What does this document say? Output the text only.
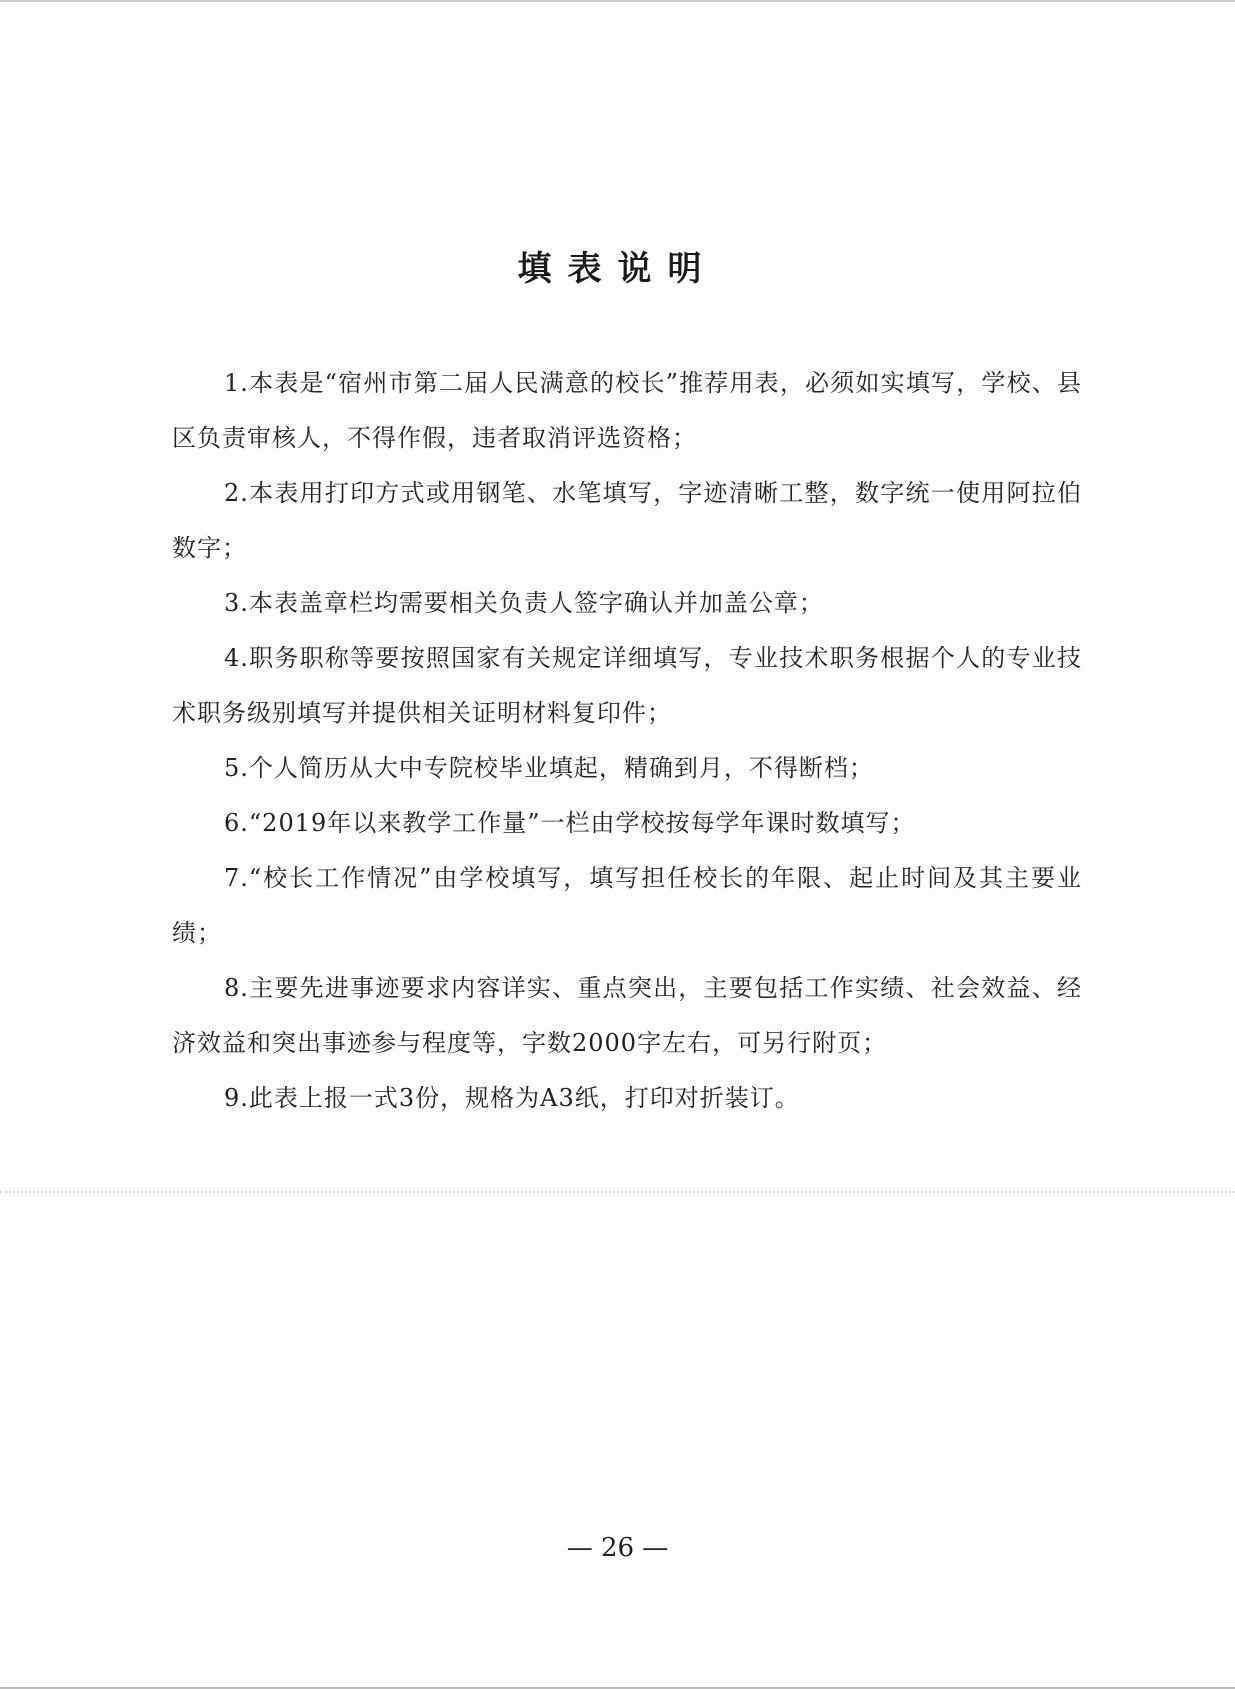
填表说明

1.本表是“宿州市第二届人民满意的校长”推荐用表，必须如实填写，学校、县区负责审核人，不得作假，违者取消评选资格；

2.本表用打印方式或用钢笔、水笔填写，字迹清晰工整，数字统一使用阿拉伯数字；

3.本表盖章栏均需要相关负责人签字确认并加盖公章；

4.职务职称等要按照国家有关规定详细填写，专业技术职务根据个人的专业技术职务级别填写并提供相关证明材料复印件；

5.个人简历从大中专院校毕业填起，精确到月，不得断档；

6.“2019年以来教学工作量”一栏由学校按每学年课时数填写；

7.“校长工作情况”由学校填写，填写担任校长的年限、起止时间及其主要业绩；

8.主要先进事迹要求内容详实、重点突出，主要包括工作实绩、社会效益、经济效益和突出事迹参与程度等，字数2000字左右，可另行附页；

9.此表上报一式3份，规格为A3纸，打印对折装订。

— 26 —
